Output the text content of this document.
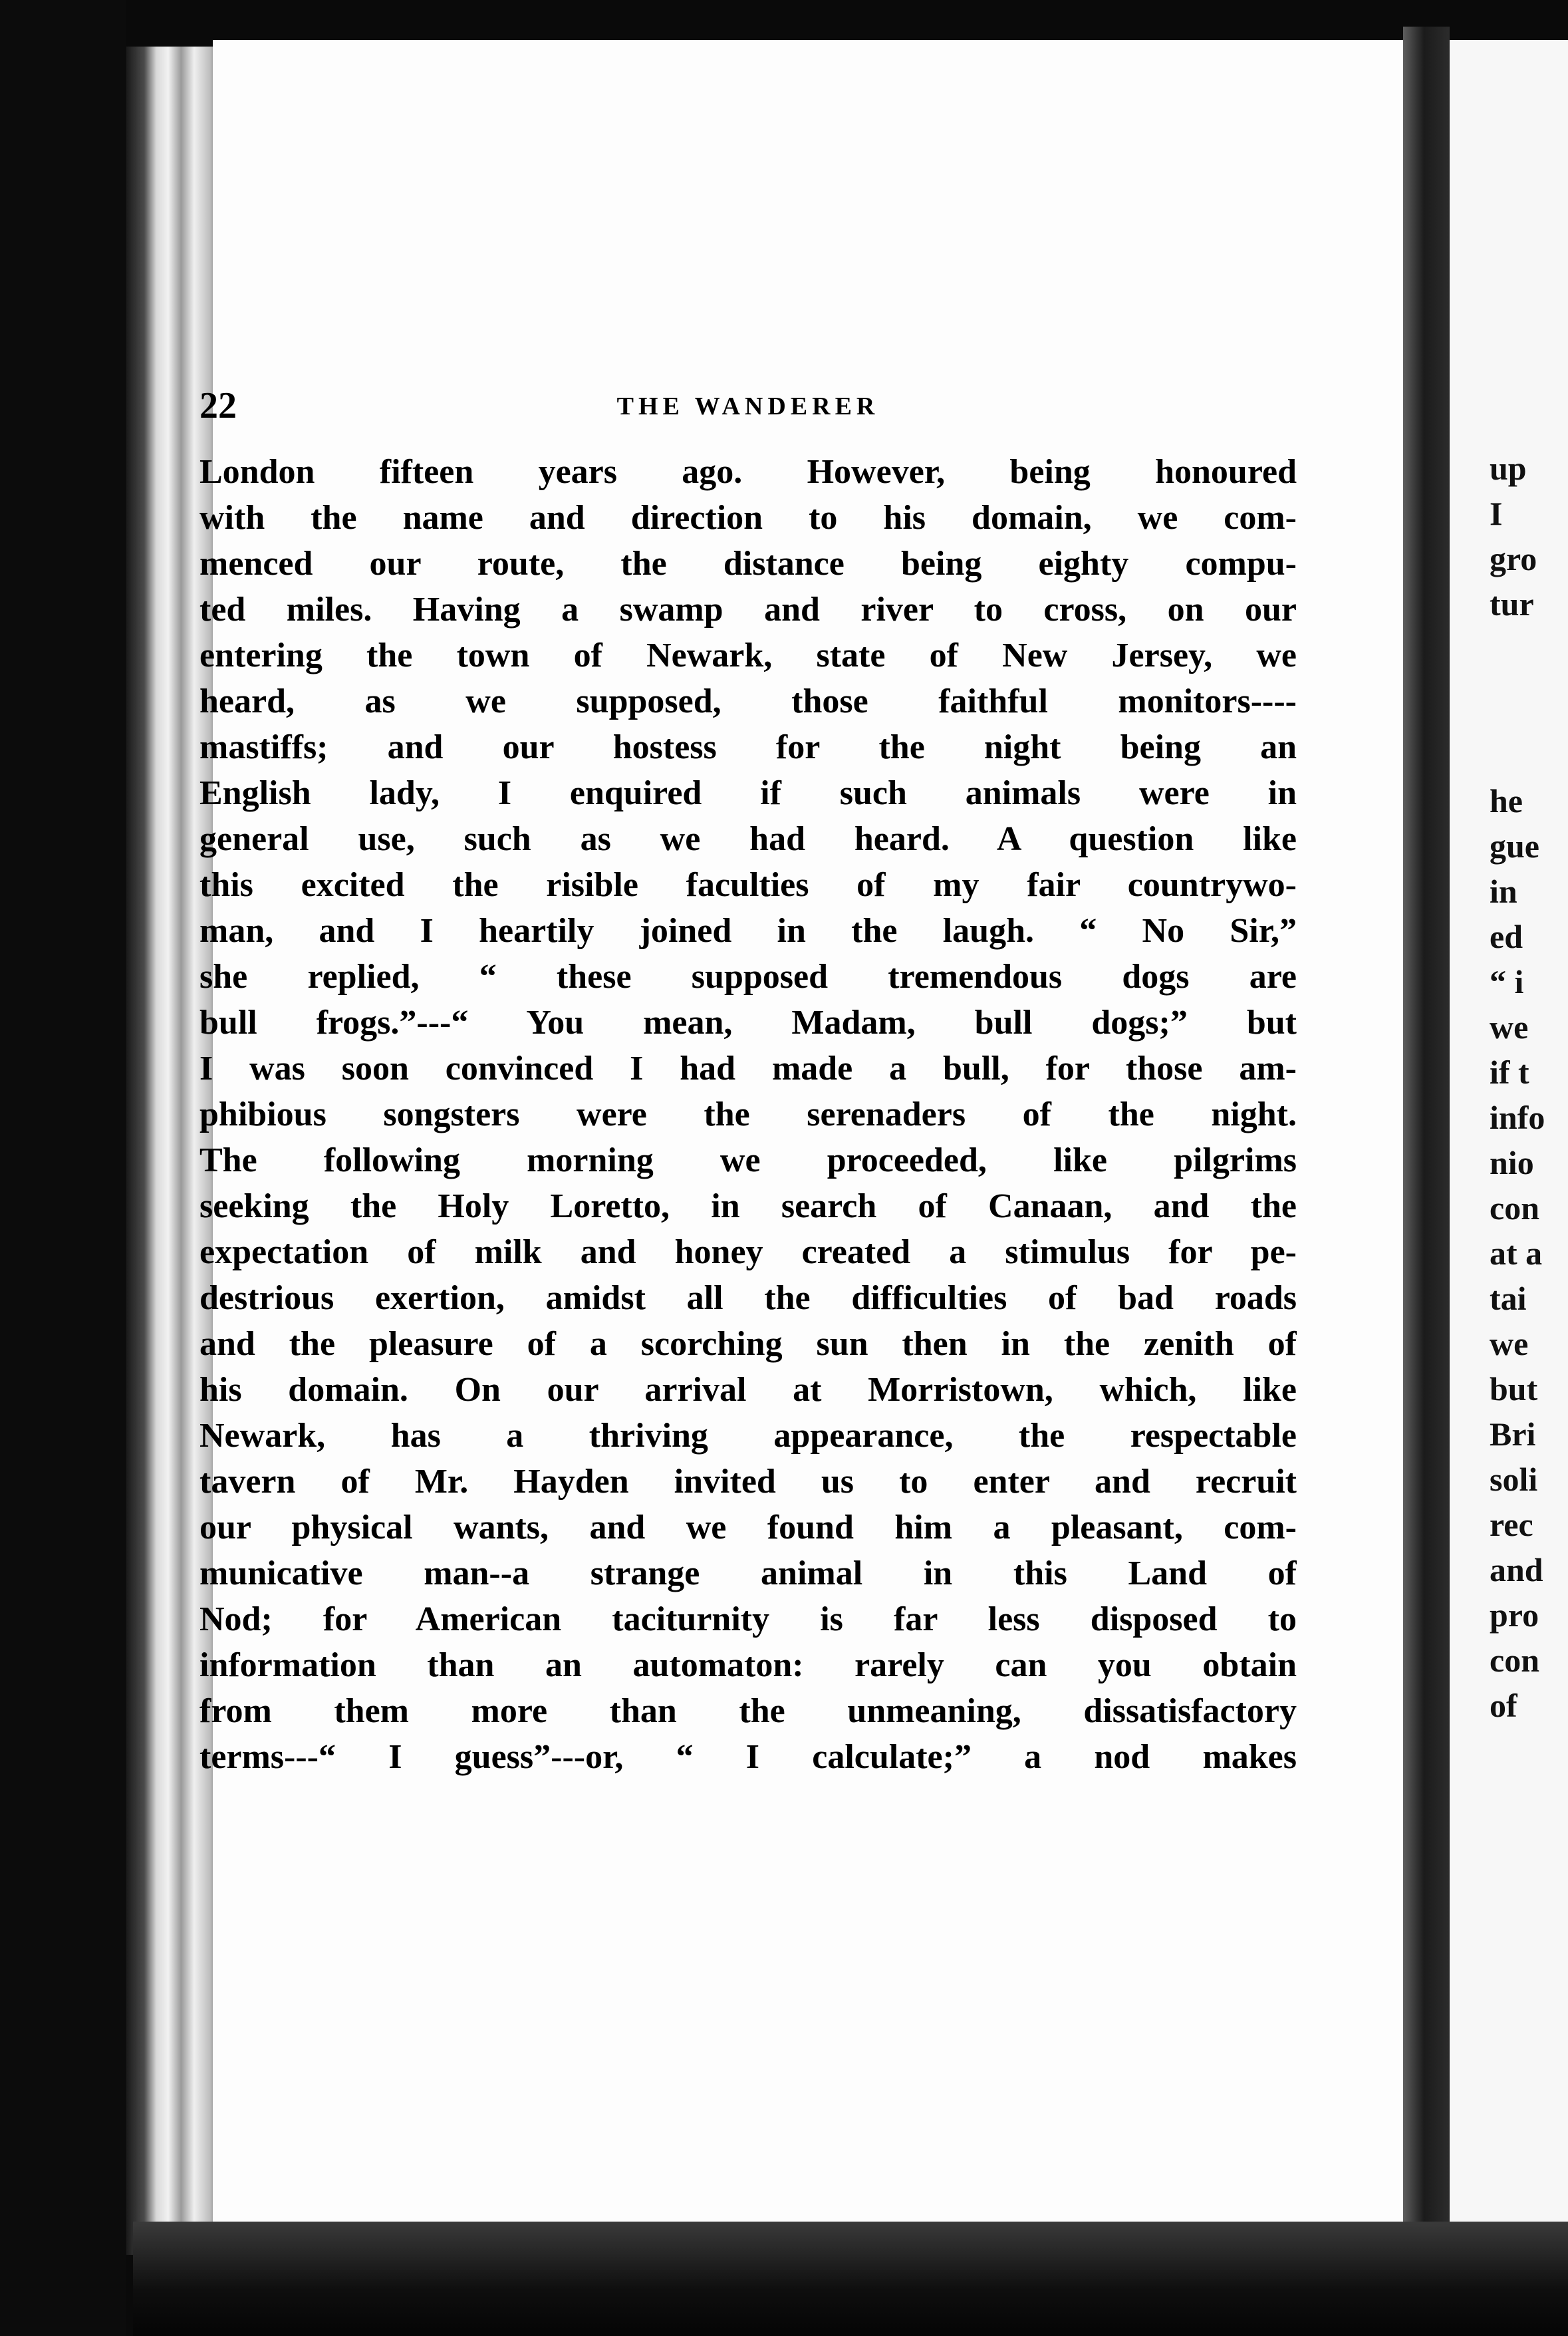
22	THE WANDERER
London fifteen years ago. However, being honoured
with the name and direction to his domain, we com-
menced our route, the distance being eighty compu-
ted miles. Having a swamp and river to cross, on our
entering the town of Newark, state of New Jersey, we
heard, as we supposed, those faithful monitors----
mastiffs; and our hostess for the night being an
English lady, I enquired if such animals were in
general use, such as we had heard. A question like
this excited the risible faculties of my fair countrywo-
man, and I heartily joined in the laugh. “ No Sir,”
she replied, “ these supposed tremendous dogs are
bull frogs.”---“ You mean, Madam, bull dogs;” but
I was soon convinced I had made a bull, for those am-
phibious songsters were the serenaders of the night.
The following morning we proceeded, like pilgrims
seeking the Holy Loretto, in search of Canaan, and the
expectation of milk and honey created a stimulus for pe-
destrious exertion, amidst all the difficulties of bad roads
and the pleasure of a scorching sun then in the zenith of
his domain. On our arrival at Morristown, which, like
Newark, has a thriving appearance, the respectable
tavern of Mr. Hayden invited us to enter and recruit
our physical wants, and we found him a pleasant, com-
municative man--a strange animal in this Land of
Nod; for American taciturnity is far less disposed to
information than an automaton: rarely can you obtain
from them more than the unmeaning, dissatisfactory
terms---“ I guess”---or, “ I calculate;” a nod makes
up
I
gro
tur
he
gue
in
ed
“ i
we
if t
info
nio
con
at a
tai
we
but
Bri
soli
rec
and
pro
con
of
